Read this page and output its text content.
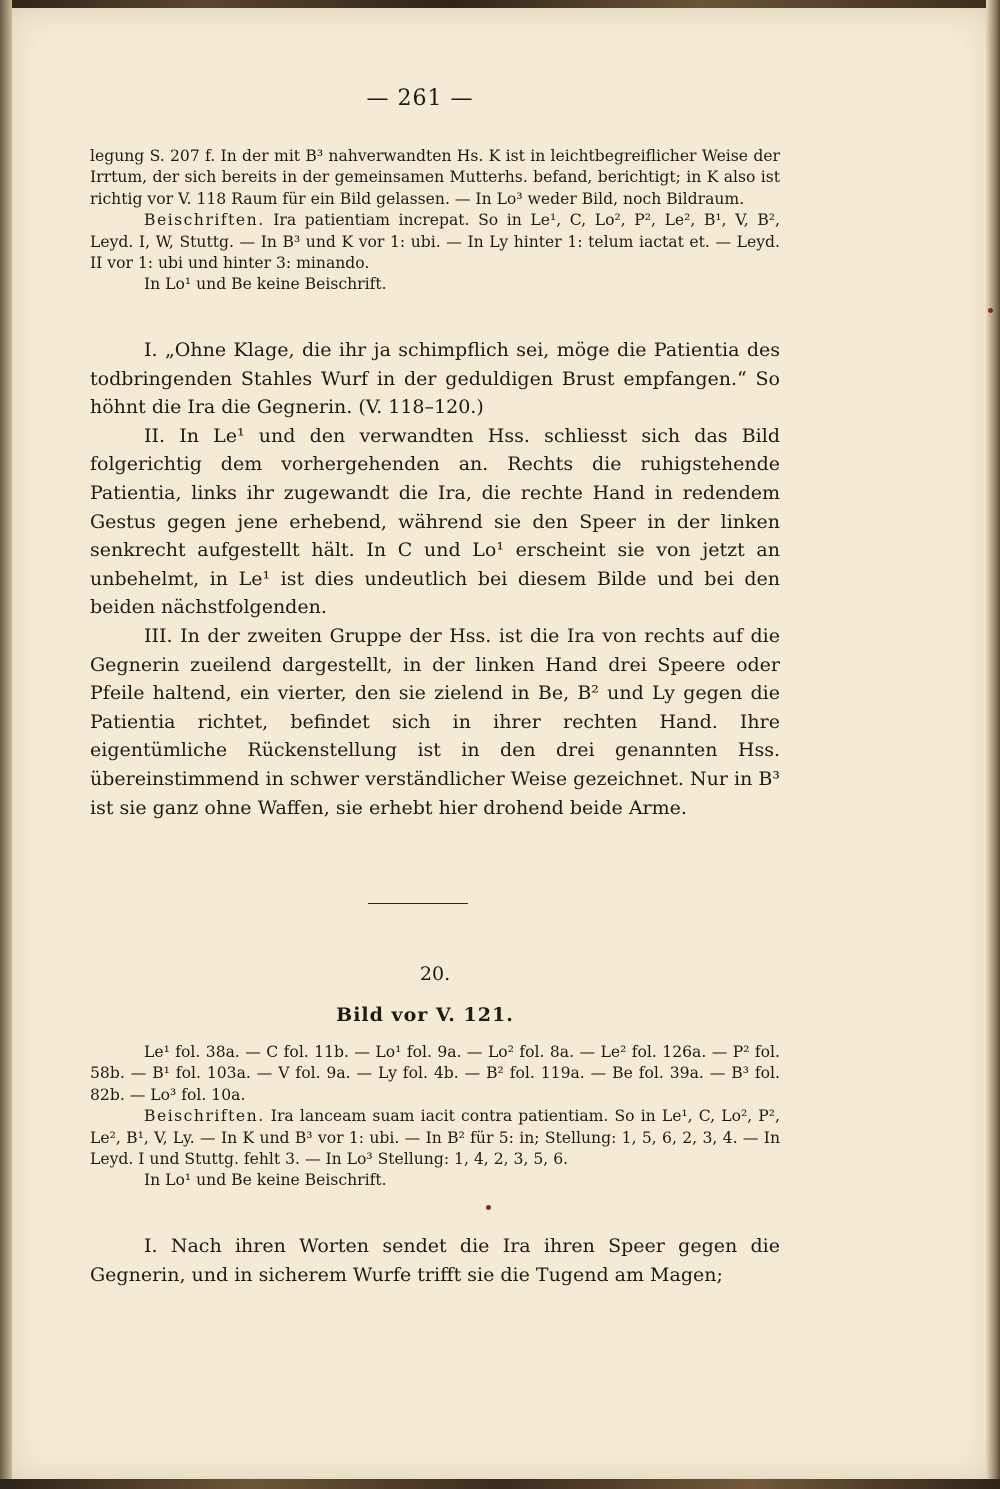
— 261 —

legung S. 207 f. In der mit B³ nahverwandten Hs. K ist in leichtbegreiflicher Weise der Irrtum, der sich bereits in der gemeinsamen Mutterhs. befand, berichtigt; in K also ist richtig vor V. 118 Raum für ein Bild gelassen. — In Lo³ weder Bild, noch Bildraum.

Beischriften. Ira patientiam increpat. So in Le¹, C, Lo², P², Le², B¹, V, B², Leyd. I, W, Stuttg. — In B³ und K vor 1: ubi. — In Ly hinter 1: telum iactat et. — Leyd. II vor 1: ubi und hinter 3: minando.

In Lo¹ und Be keine Beischrift.

I. „Ohne Klage, die ihr ja schimpflich sei, möge die Patientia des todbringenden Stahles Wurf in der geduldigen Brust empfangen.“ So höhnt die Ira die Gegnerin. (V. 118–120.)

II. In Le¹ und den verwandten Hss. schliesst sich das Bild folgerichtig dem vorhergehenden an. Rechts die ruhigstehende Patientia, links ihr zugewandt die Ira, die rechte Hand in redendem Gestus gegen jene erhebend, während sie den Speer in der linken senkrecht aufgestellt hält. In C und Lo¹ erscheint sie von jetzt an unbehelmt, in Le¹ ist dies undeutlich bei diesem Bilde und bei den beiden nächstfolgenden.

III. In der zweiten Gruppe der Hss. ist die Ira von rechts auf die Gegnerin zueilend dargestellt, in der linken Hand drei Speere oder Pfeile haltend, ein vierter, den sie zielend in Be, B² und Ly gegen die Patientia richtet, befindet sich in ihrer rechten Hand. Ihre eigentümliche Rückenstellung ist in den drei genannten Hss. übereinstimmend in schwer verständlicher Weise gezeichnet. Nur in B³ ist sie ganz ohne Waffen, sie erhebt hier drohend beide Arme.

20.
Bild vor V. 121.

Le¹ fol. 38a. — C fol. 11b. — Lo¹ fol. 9a. — Lo² fol. 8a. — Le² fol. 126a. — P² fol. 58b. — B¹ fol. 103a. — V fol. 9a. — Ly fol. 4b. — B² fol. 119a. — Be fol. 39a. — B³ fol. 82b. — Lo³ fol. 10a.

Beischriften. Ira lanceam suam iacit contra patientiam. So in Le¹, C, Lo², P², Le², B¹, V, Ly. — In K und B³ vor 1: ubi. — In B² für 5: in; Stellung: 1, 5, 6, 2, 3, 4. — In Leyd. I und Stuttg. fehlt 3. — In Lo³ Stellung: 1, 4, 2, 3, 5, 6.

In Lo¹ und Be keine Beischrift.

I. Nach ihren Worten sendet die Ira ihren Speer gegen die Gegnerin, und in sicherem Wurfe trifft sie die Tugend am Magen;
